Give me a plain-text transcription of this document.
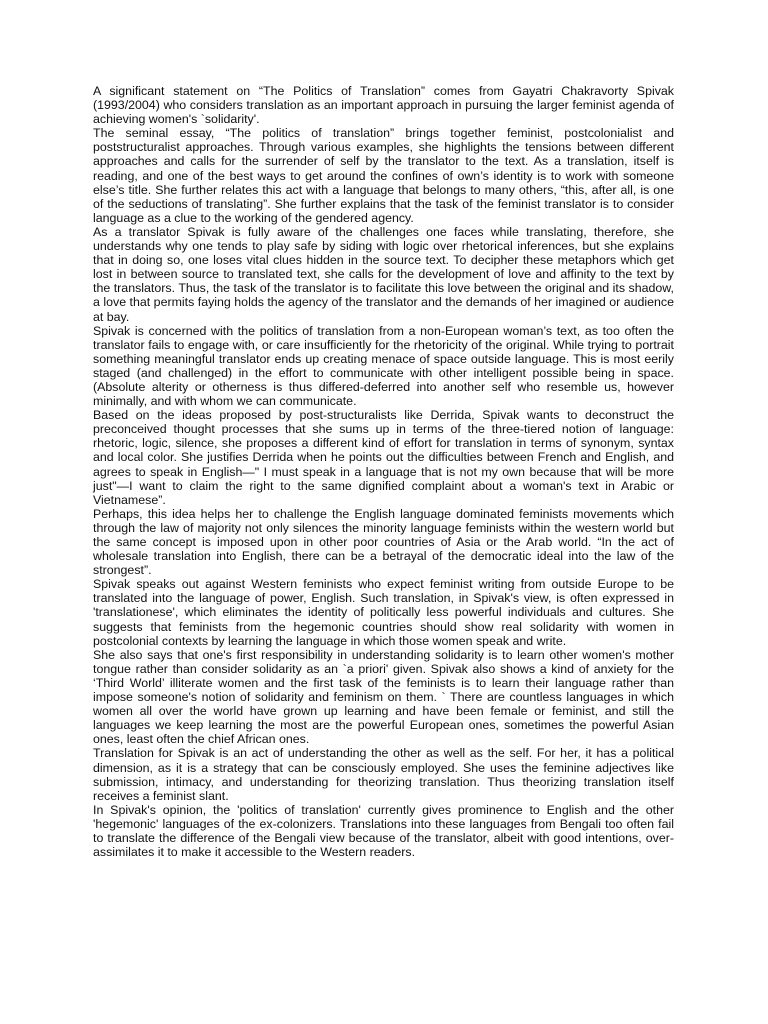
A significant statement on “The Politics of Translation” comes from Gayatri Chakravorty Spivak (1993/2004) who considers translation as an important approach in pursuing the larger feminist agenda of achieving women's `solidarity'.

The seminal essay, “The politics of translation” brings together feminist, postcolonialist and poststructuralist approaches. Through various examples, she highlights the tensions between different approaches and calls for the surrender of self by the translator to the text. As a translation, itself is reading, and one of the best ways to get around the confines of own’s identity is to work with someone else’s title. She further relates this act with a language that belongs to many others, “this, after all, is one of the seductions of translating”. She further explains that the task of the feminist translator is to consider language as a clue to the working of the gendered agency.

As a translator Spivak is fully aware of the challenges one faces while translating, therefore, she understands why one tends to play safe by siding with logic over rhetorical inferences, but she explains that in doing so, one loses vital clues hidden in the source text. To decipher these metaphors which get lost in between source to translated text, she calls for the development of love and affinity to the text by the translators. Thus, the task of the translator is to facilitate this love between the original and its shadow, a love that permits faying holds the agency of the translator and the demands of her imagined or audience at bay.

Spivak is concerned with the politics of translation from a non-European woman’s text, as too often the translator fails to engage with, or care insufficiently for the rhetoricity of the original. While trying to portrait something meaningful translator ends up creating menace of space outside language. This is most eerily staged (and challenged) in the effort to communicate with other intelligent possible being in space. (Absolute alterity or otherness is thus differed-deferred into another self who resemble us, however minimally, and with whom we can communicate.

Based on the ideas proposed by post-structuralists like Derrida, Spivak wants to deconstruct the preconceived thought processes that she sums up in terms of the three-tiered notion of language: rhetoric, logic, silence, she proposes a different kind of effort for translation in terms of synonym, syntax and local color. She justifies Derrida when he points out the difficulties between French and English, and agrees to speak in English—" I must speak in a language that is not my own because that will be more just"—I want to claim the right to the same dignified complaint about a woman's text in Arabic or Vietnamese”.

Perhaps, this idea helps her to challenge the English language dominated feminists movements which through the law of majority not only silences the minority language feminists within the western world but the same concept is imposed upon in other poor countries of Asia or the Arab world. “In the act of wholesale translation into English, there can be a betrayal of the democratic ideal into the law of the strongest”.

Spivak speaks out against Western feminists who expect feminist writing from outside Europe to be translated into the language of power, English. Such translation, in Spivak's view, is often expressed in 'translationese', which eliminates the identity of politically less powerful individuals and cultures. She suggests that feminists from the hegemonic countries should show real solidarity with women in postcolonial contexts by learning the language in which those women speak and write.

She also says that one's first responsibility in understanding solidarity is to learn other women's mother tongue rather than consider solidarity as an `a priori' given. Spivak also shows a kind of anxiety for the ‘Third World’ illiterate women and the first task of the feminists is to learn their language rather than impose someone's notion of solidarity and feminism on them. ` There are countless languages in which women all over the world have grown up learning and have been female or feminist, and still the languages we keep learning the most are the powerful European ones, sometimes the powerful Asian ones, least often the chief African ones.

Translation for Spivak is an act of understanding the other as well as the self. For her, it has a political dimension, as it is a strategy that can be consciously employed. She uses the feminine adjectives like submission, intimacy, and understanding for theorizing translation. Thus theorizing translation itself receives a feminist slant.

In Spivak's opinion, the 'politics of translation' currently gives prominence to English and the other 'hegemonic' languages of the ex-colonizers. Translations into these languages from Bengali too often fail to translate the difference of the Bengali view because of the translator, albeit with good intentions, over-assimilates it to make it accessible to the Western readers.
